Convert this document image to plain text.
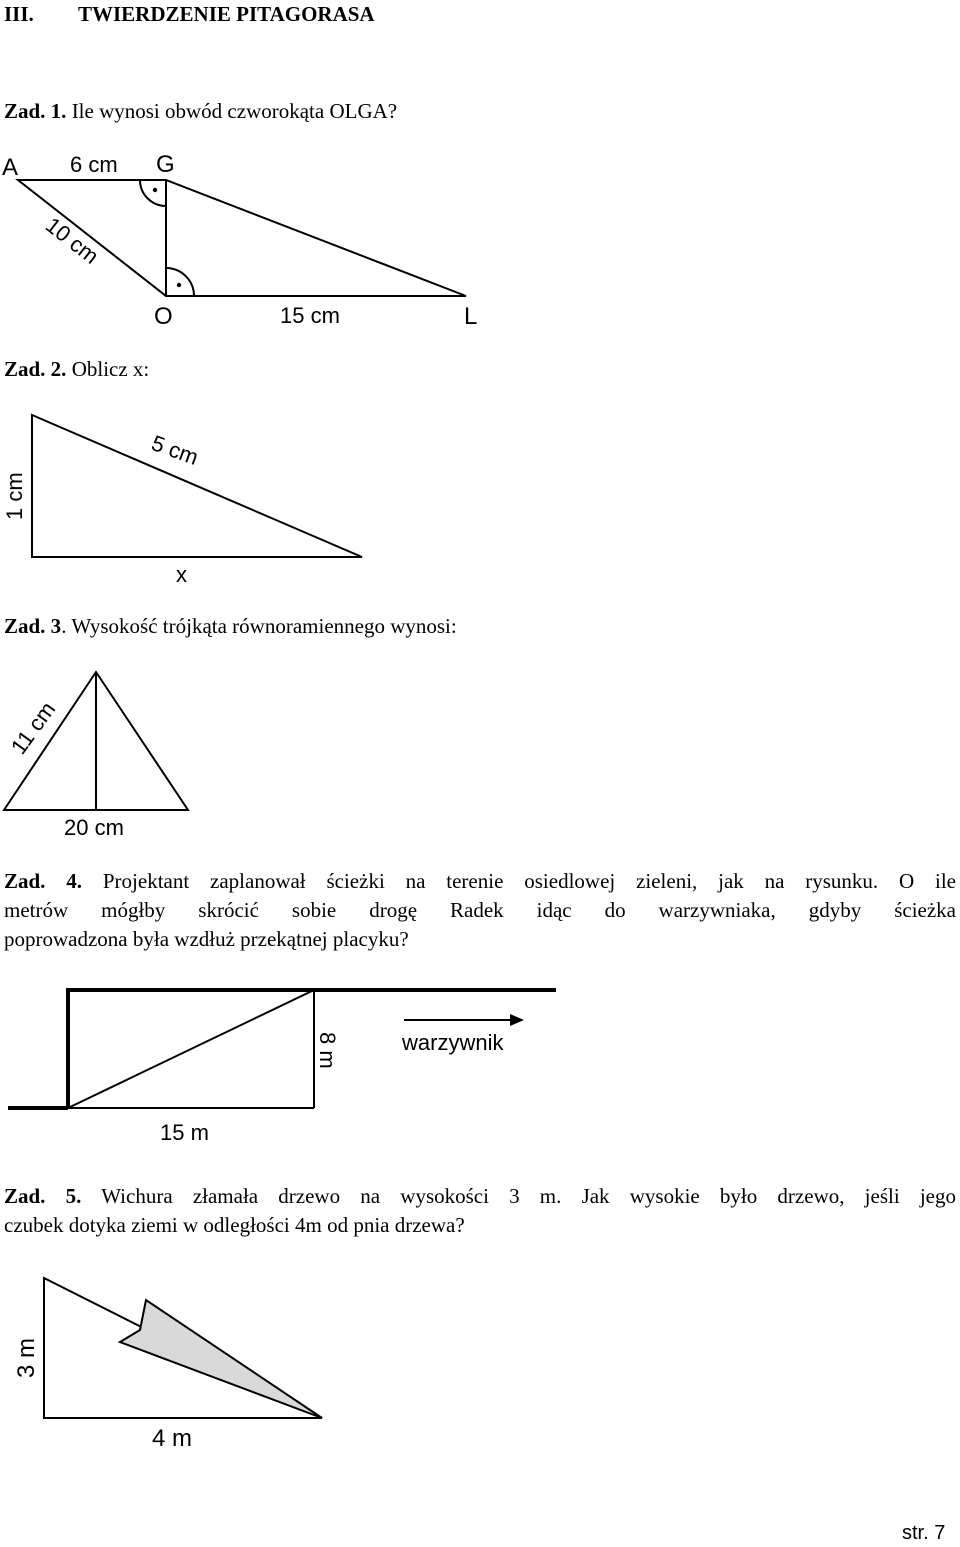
III. TWIERDZENIE PITAGORASA
Zad. 1. Ile wynosi obwód czworokąta OLGA?
A	G
O	L
6 cm
10 cm
15 cm
Zad. 2. Oblicz x:
5 cm
1 cm
x
Zad. 3. Wysokość trójkąta równoramiennego wynosi:
11 cm
20 cm
Zad. 4. Projektant zaplanował ścieżki na terenie osiedlowej zieleni, jak na rysunku. O ile
metrów mógłby skrócić sobie drogę Radek idąc do warzywniaka, gdyby ścieżka
poprowadzona była wzdłuż przekątnej placyku?
8 m
15 m
warzywnik
Zad. 5. Wichura złamała drzewo na wysokości 3 m. Jak wysokie było drzewo, jeśli jego
czubek dotyka ziemi w odległości 4m od pnia drzewa?
3 m
4 m
str. 7
